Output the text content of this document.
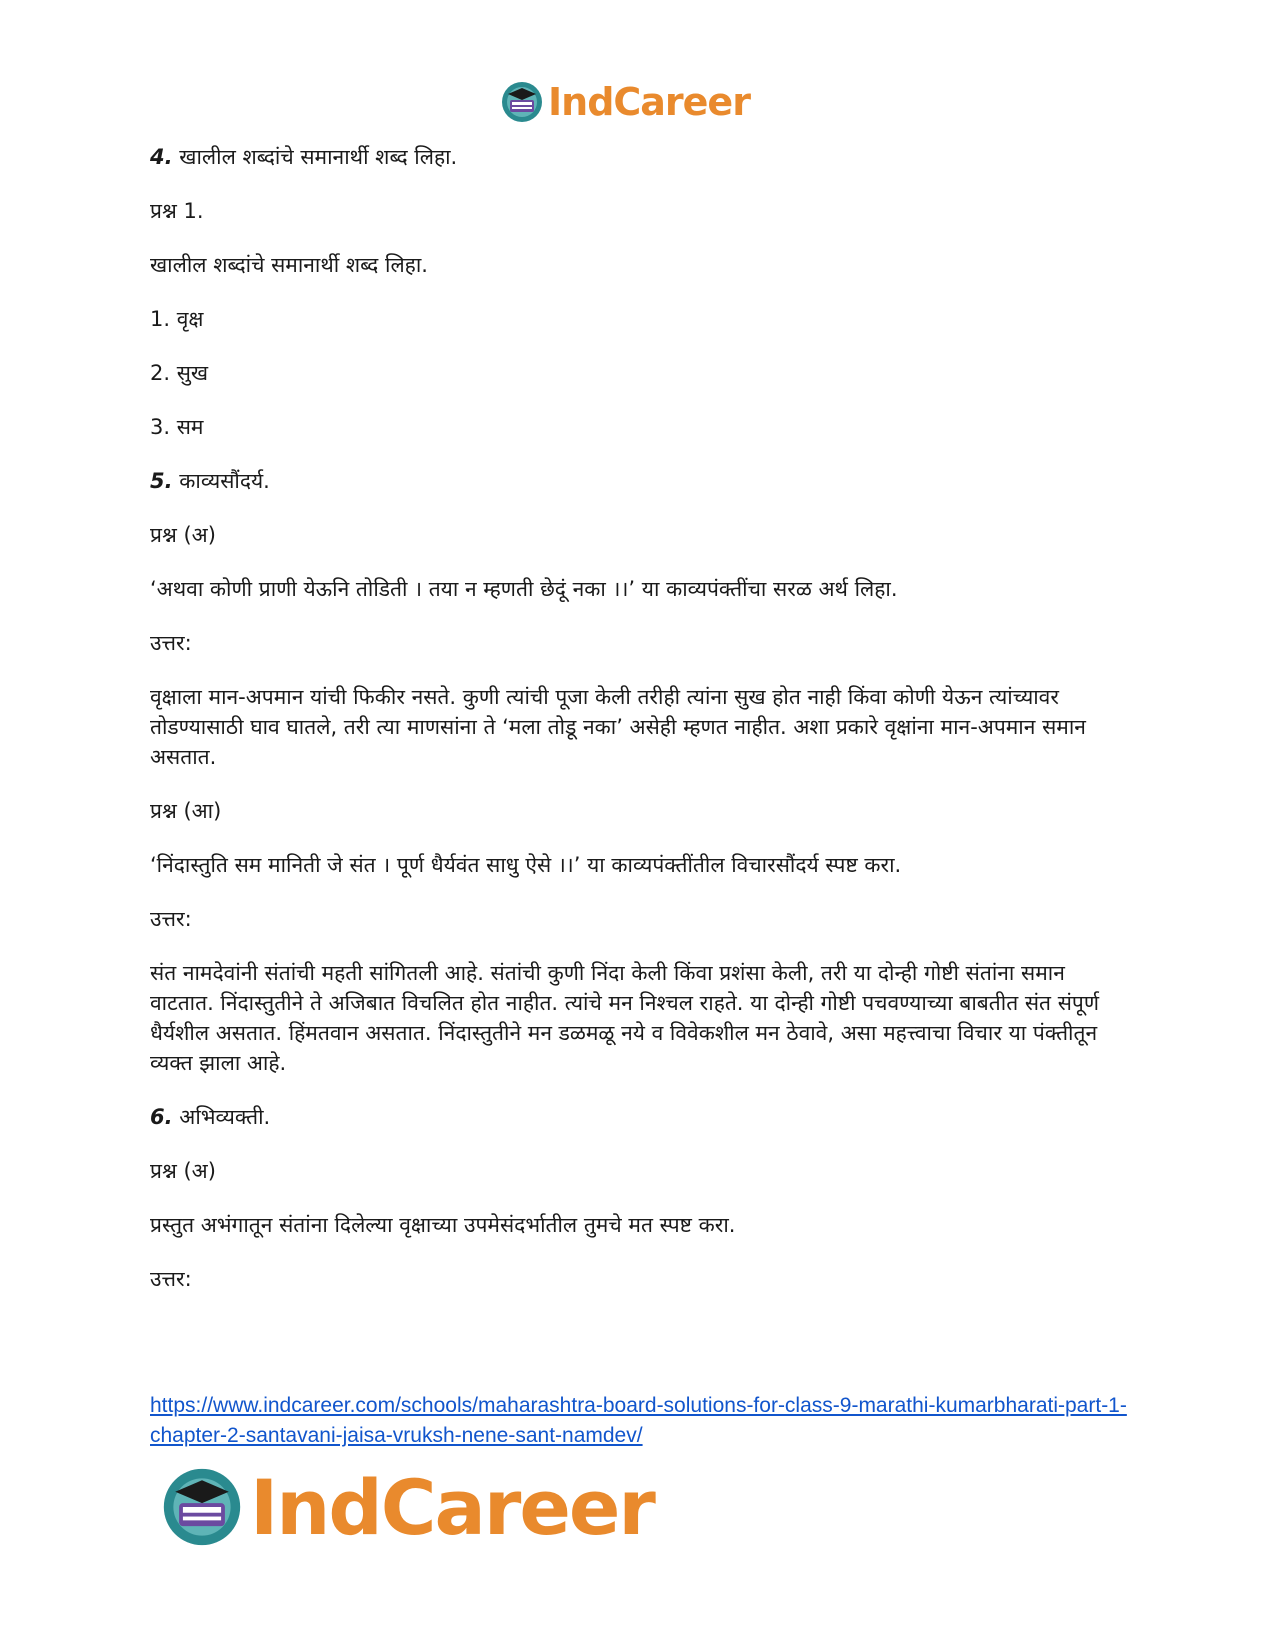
IndCareer

4. खालील शब्दांचे समानार्थी शब्द लिहा.

प्रश्न 1.

खालील शब्दांचे समानार्थी शब्द लिहा.

1. वृक्ष

2. सुख

3. सम

5. काव्यसौंदर्य.

प्रश्न (अ)

‘अथवा कोणी प्राणी येऊनि तोडिती । तया न म्हणती छेदूं नका ।।’ या काव्यपंक्तींचा सरळ अर्थ लिहा.

उत्तर:

वृक्षाला मान-अपमान यांची फिकीर नसते. कुणी त्यांची पूजा केली तरीही त्यांना सुख होत नाही किंवा कोणी येऊन त्यांच्यावर तोडण्यासाठी घाव घातले, तरी त्या माणसांना ते ‘मला तोडू नका’ असेही म्हणत नाहीत. अशा प्रकारे वृक्षांना मान-अपमान समान असतात.

प्रश्न (आ)

‘निंदास्तुति सम मानिती जे संत । पूर्ण धैर्यवंत साधु ऐसे ।।’ या काव्यपंक्तींतील विचारसौंदर्य स्पष्ट करा.

उत्तर:

संत नामदेवांनी संतांची महती सांगितली आहे. संतांची कुणी निंदा केली किंवा प्रशंसा केली, तरी या दोन्ही गोष्टी संतांना समान वाटतात. निंदास्तुतीने ते अजिबात विचलित होत नाहीत. त्यांचे मन निश्चल राहते. या दोन्ही गोष्टी पचवण्याच्या बाबतीत संत संपूर्ण धैर्यशील असतात. हिंमतवान असतात. निंदास्तुतीने मन डळमळू नये व विवेकशील मन ठेवावे, असा महत्त्वाचा विचार या पंक्तीतून व्यक्त झाला आहे.

6. अभिव्यक्ती.

प्रश्न (अ)

प्रस्तुत अभंगातून संतांना दिलेल्या वृक्षाच्या उपमेसंदर्भातील तुमचे मत स्पष्ट करा.

उत्तर:

https://www.indcareer.com/schools/maharashtra-board-solutions-for-class-9-marathi-kumarbharati-part-1-chapter-2-santavani-jaisa-vruksh-nene-sant-namdev/
IndCareer
